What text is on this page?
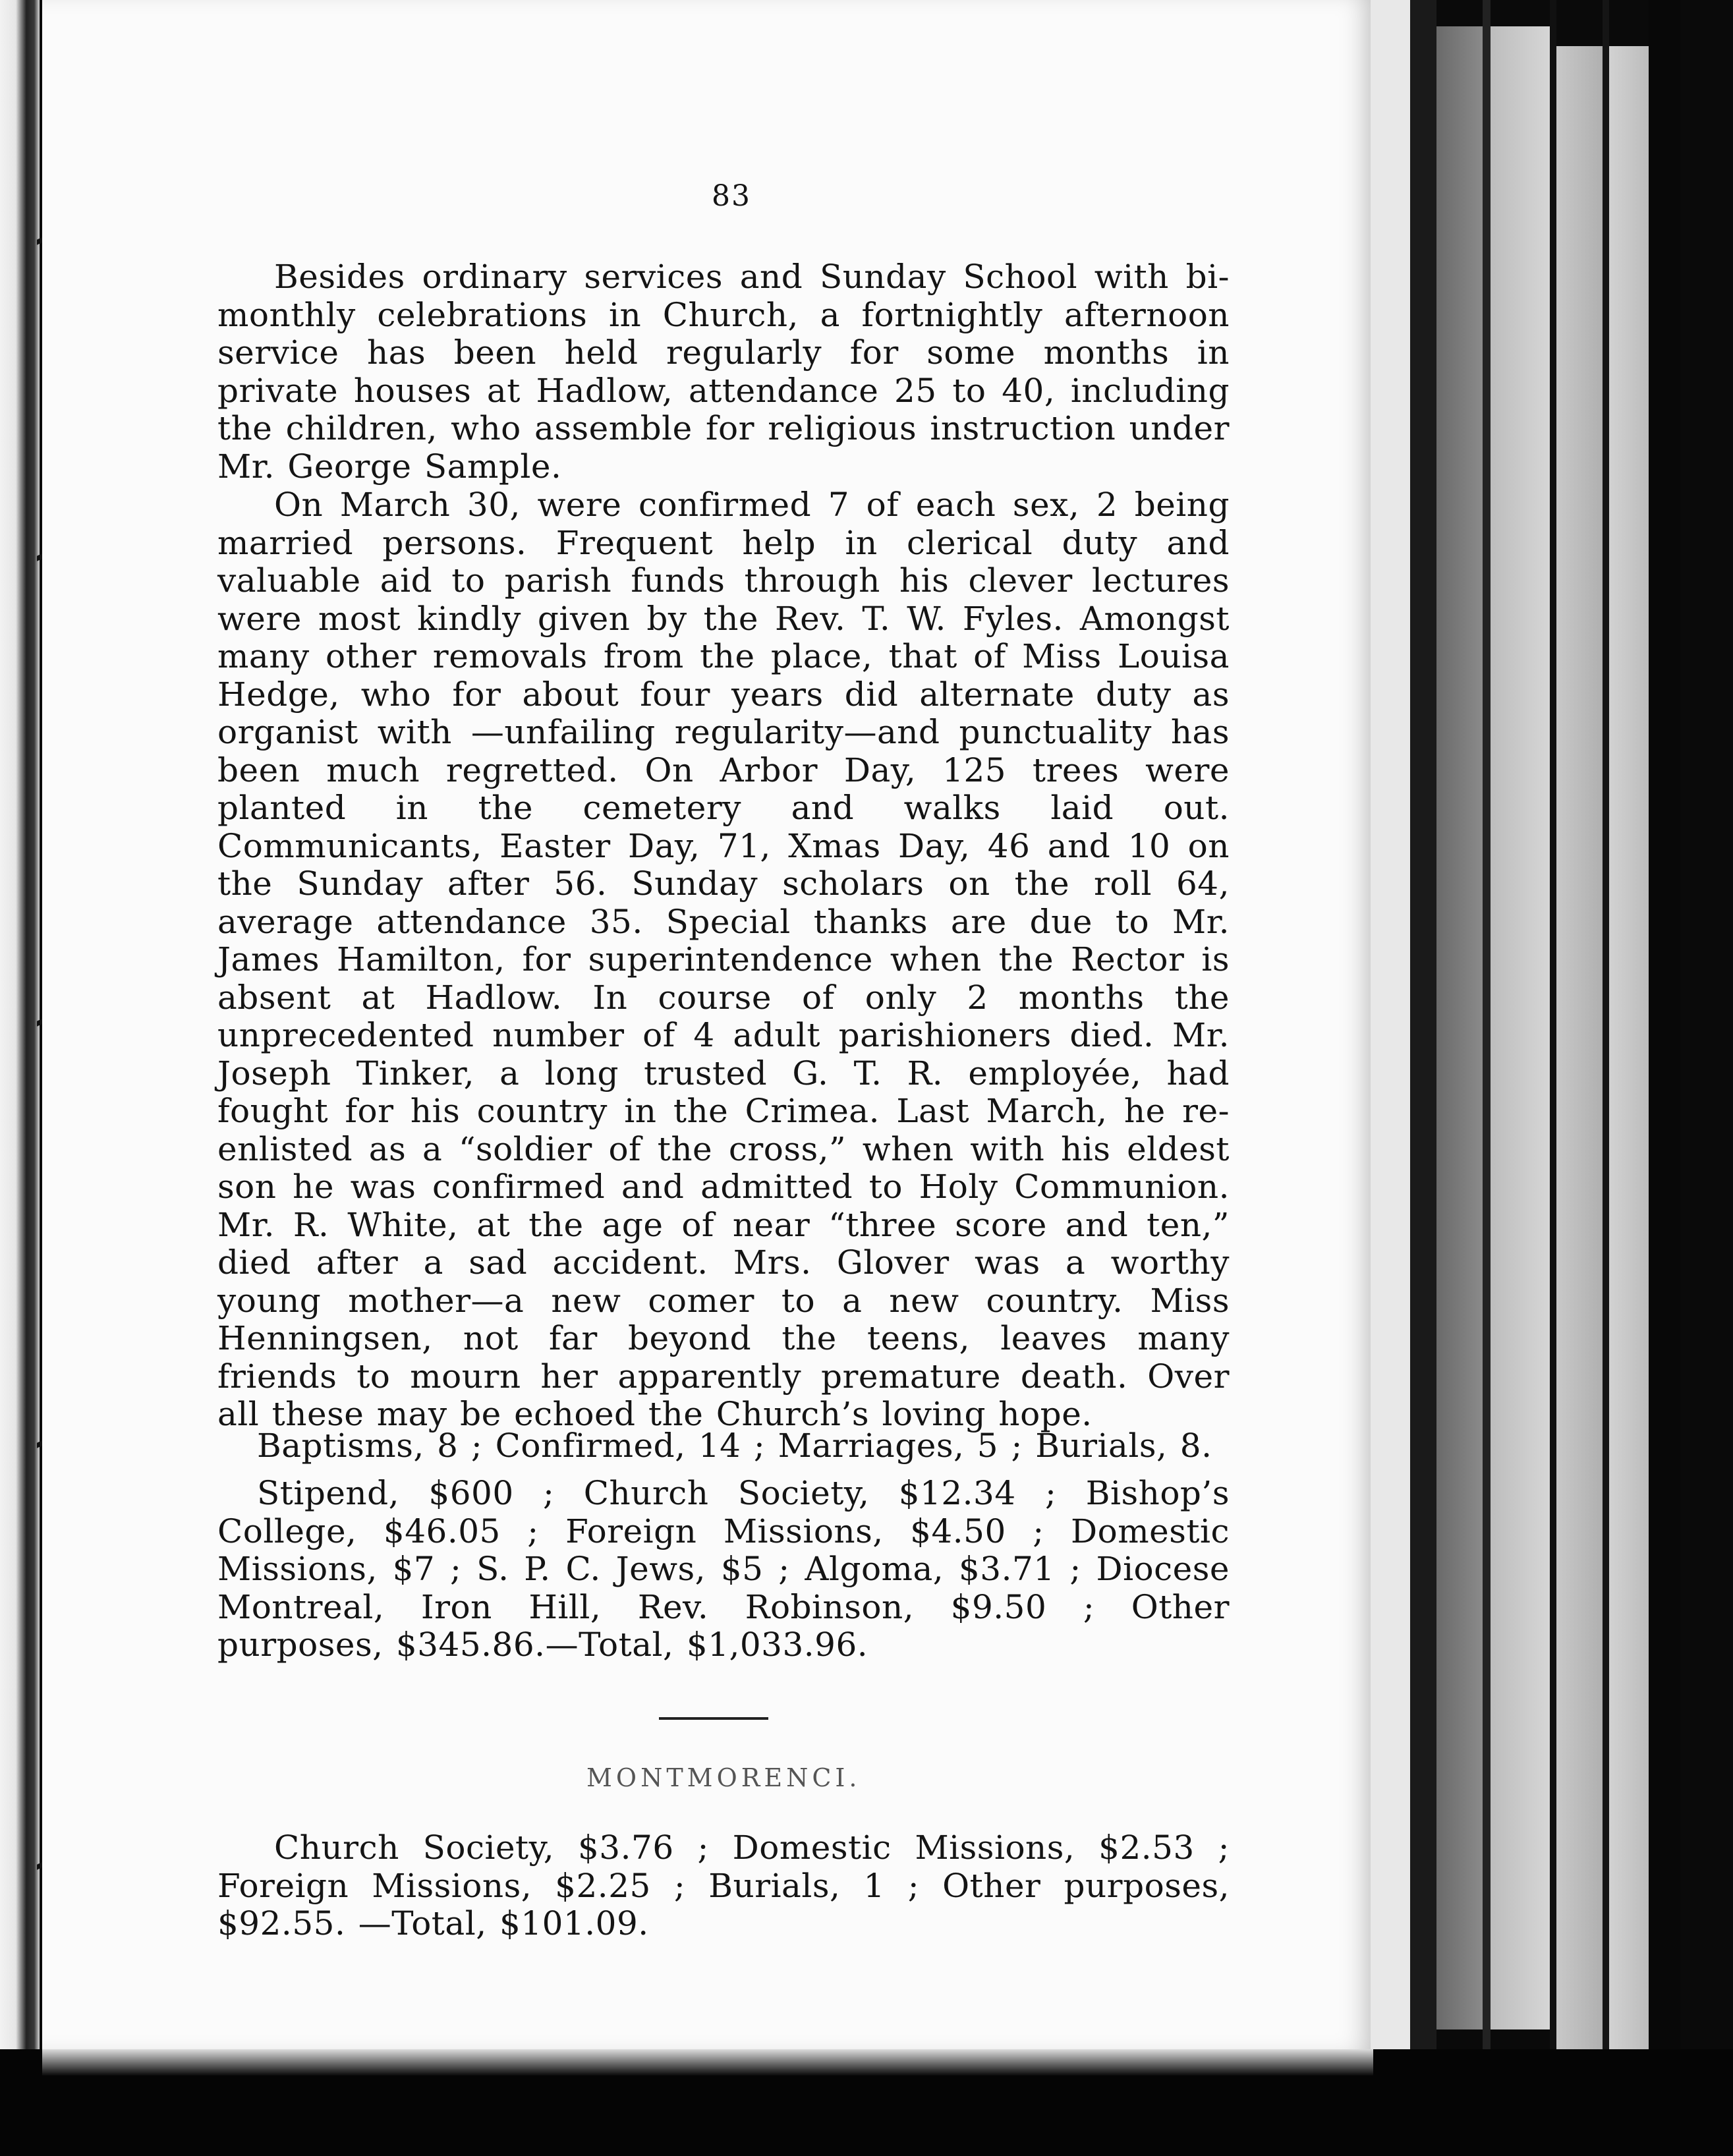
83
Besides ordinary services and Sunday School with bi-monthly celebrations in Church, a fortnightly afternoon service has been held regularly for some months in private houses at Hadlow, attendance 25 to 40, including the children, who assemble for religious instruction under Mr. George Sample.
On March 30, were confirmed 7 of each sex, 2 being married persons. Frequent help in clerical duty and valuable aid to parish funds through his clever lectures were most kindly given by the Rev. T. W. Fyles. Amongst many other removals from the place, that of Miss Louisa Hedge, who for about four years did alternate duty as organist with —unfailing regularity—and punctuality has been much regretted. On Arbor Day, 125 trees were planted in the cemetery and walks laid out. Communicants, Easter Day, 71, Xmas Day, 46 and 10 on the Sunday after 56. Sunday scholars on the roll 64, average attendance 35. Special thanks are due to Mr. James Hamilton, for superintendence when the Rector is absent at Hadlow. In course of only 2 months the unprecedented number of 4 adult parishioners died. Mr. Joseph Tinker, a long trusted G. T. R. employée, had fought for his country in the Crimea. Last March, he re-enlisted as a “soldier of the cross,” when with his eldest son he was confirmed and admitted to Holy Communion. Mr. R. White, at the age of near “three score and ten,” died after a sad accident. Mrs. Glover was a worthy young mother—a new comer to a new country. Miss Henningsen, not far beyond the teens, leaves many friends to mourn her apparently premature death. Over all these may be echoed the Church’s loving hope.
Baptisms, 8 ; Confirmed, 14 ; Marriages, 5 ; Burials, 8.
Stipend, $600 ; Church Society, $12.34 ; Bishop’s College, $46.05 ; Foreign Missions, $4.50 ; Domestic Missions, $7 ; S. P. C. Jews, $5 ; Algoma, $3.71 ; Diocese Montreal, Iron Hill, Rev. Robinson, $9.50 ; Other purposes, $345.86.—Total, $1,033.96.
MONTMORENCI.
Church Society, $3.76 ; Domestic Missions, $2.53 ; Foreign Missions, $2.25 ; Burials, 1 ; Other purposes, $92.55. —Total, $101.09.
